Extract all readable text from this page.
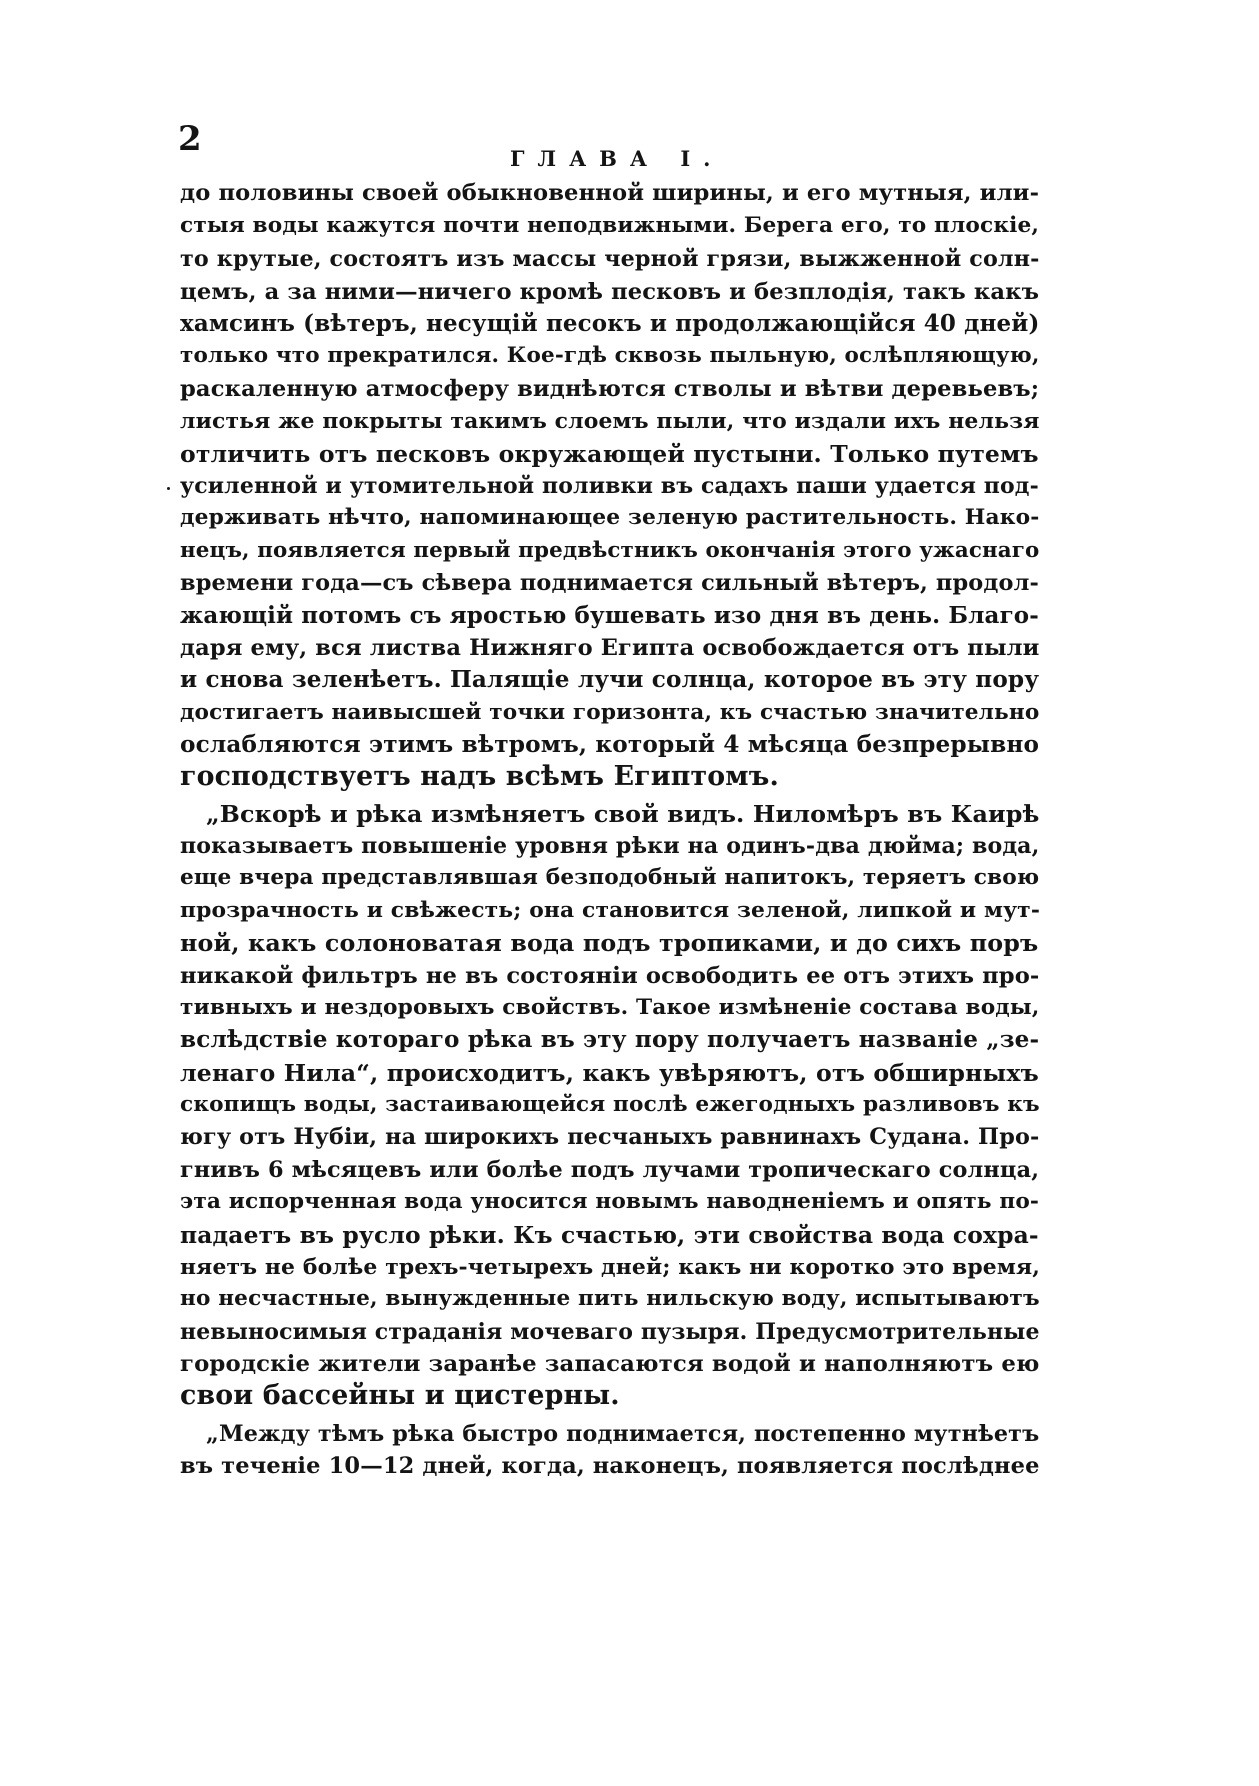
2	ГЛАВА I.
до половины своей обыкновенной ширины, и его мутныя, или-
стыя воды кажутся почти неподвижными. Берега его, то плоскіе,
то крутые, состоятъ изъ массы черной грязи, выжженной солн-
цемъ, а за ними—ничего кромѣ песковъ и безплодія, такъ какъ
хамсинъ (вѣтеръ, несущій песокъ и продолжающійся 40 дней)
только что прекратился. Кое-гдѣ сквозь пыльную, ослѣпляющую,
раскаленную атмосферу виднѣются стволы и вѣтви деревьевъ;
листья же покрыты такимъ слоемъ пыли, что издали ихъ нельзя
отличить отъ песковъ окружающей пустыни. Только путемъ
усиленной и утомительной поливки въ садахъ паши удается под-
держивать нѣчто, напоминающее зеленую растительность. Нако-
нецъ, появляется первый предвѣстникъ окончанія этого ужаснаго
времени года—съ сѣвера поднимается сильный вѣтеръ, продол-
жающій потомъ съ яростью бушевать изо дня въ день. Благо-
даря ему, вся листва Нижняго Египта освобождается отъ пыли
и снова зеленѣетъ. Палящіе лучи солнца, которое въ эту пору
достигаетъ наивысшей точки горизонта, къ счастью значительно
ослабляются этимъ вѣтромъ, который 4 мѣсяца безпрерывно
господствуетъ надъ всѣмъ Египтомъ.
„Вскорѣ и рѣка измѣняетъ свой видъ. Ниломѣръ въ Каирѣ
показываетъ повышеніе уровня рѣки на одинъ-два дюйма; вода,
еще вчера представлявшая безподобный напитокъ, теряетъ свою
прозрачность и свѣжесть; она становится зеленой, липкой и мут-
ной, какъ солоноватая вода подъ тропиками, и до сихъ поръ
никакой фильтръ не въ состояніи освободить ее отъ этихъ про-
тивныхъ и нездоровыхъ свойствъ. Такое измѣненіе состава воды,
вслѣдствіе котораго рѣка въ эту пору получаетъ названіе „зе-
ленаго Нила“, происходитъ, какъ увѣряютъ, отъ обширныхъ
скопищъ воды, застаивающейся послѣ ежегодныхъ разливовъ къ
югу отъ Нубіи, на широкихъ песчаныхъ равнинахъ Судана. Про-
гнивъ 6 мѣсяцевъ или болѣе подъ лучами тропическаго солнца,
эта испорченная вода уносится новымъ наводненіемъ и опять по-
падаетъ въ русло рѣки. Къ счастью, эти свойства вода сохра-
няетъ не болѣе трехъ-четырехъ дней; какъ ни коротко это время,
но несчастные, вынужденные пить нильскую воду, испытываютъ
невыносимыя страданія мочеваго пузыря. Предусмотрительные
городскіе жители заранѣе запасаются водой и наполняютъ ею
свои бассейны и цистерны.
„Между тѣмъ рѣка быстро поднимается, постепенно мутнѣетъ
въ теченіе 10—12 дней, когда, наконецъ, появляется послѣднее
